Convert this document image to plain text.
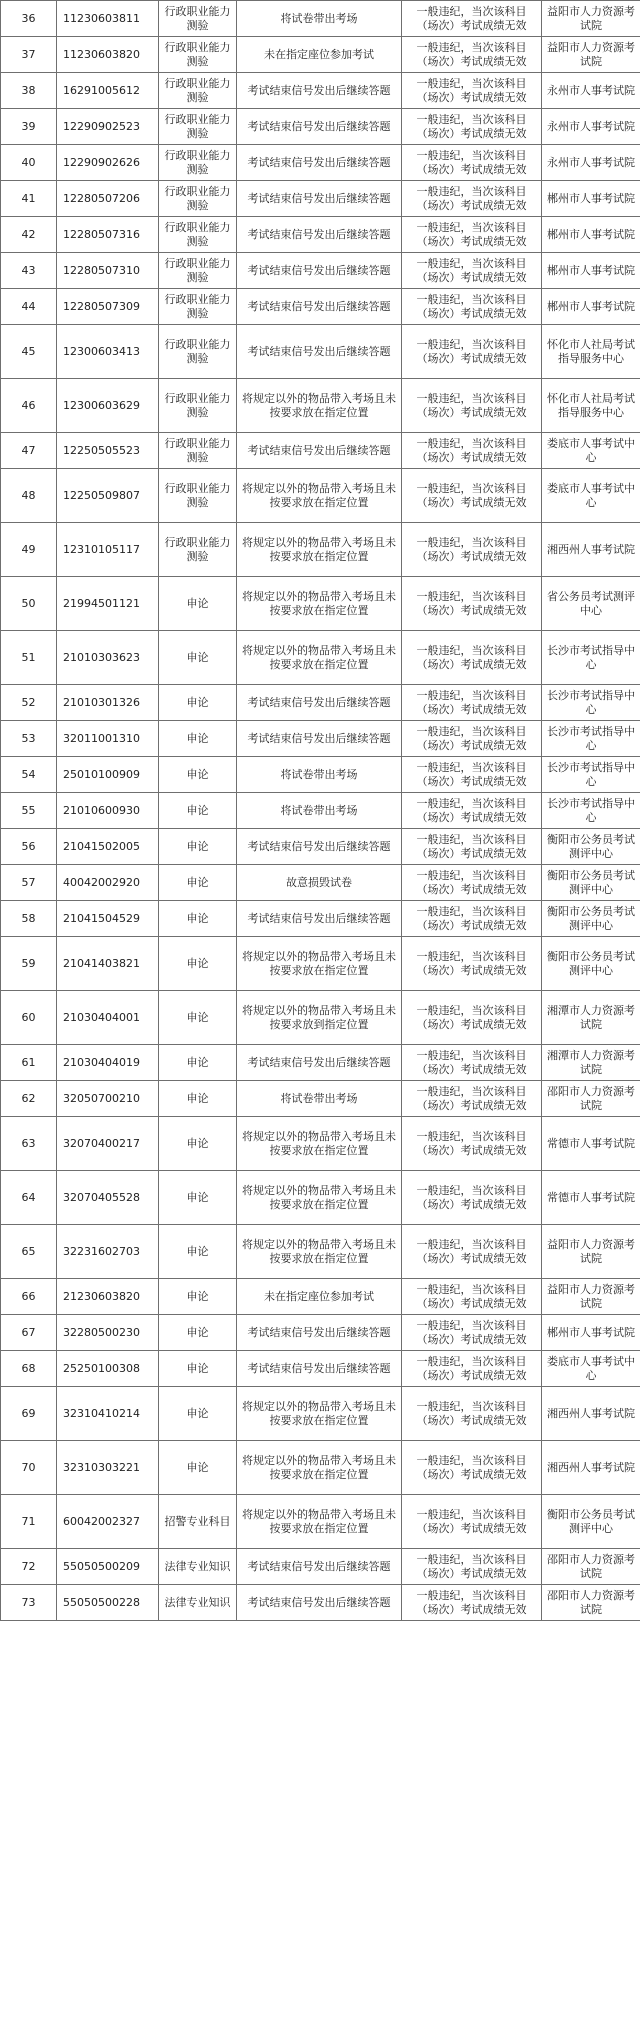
36	11230603811	行政职业能力测验	将试卷带出考场	一般违纪，当次该科目（场次）考试成绩无效	益阳市人力资源考试院
37	11230603820	行政职业能力测验	未在指定座位参加考试	一般违纪，当次该科目（场次）考试成绩无效	益阳市人力资源考试院
38	16291005612	行政职业能力测验	考试结束信号发出后继续答题	一般违纪，当次该科目（场次）考试成绩无效	永州市人事考试院
39	12290902523	行政职业能力测验	考试结束信号发出后继续答题	一般违纪，当次该科目（场次）考试成绩无效	永州市人事考试院
40	12290902626	行政职业能力测验	考试结束信号发出后继续答题	一般违纪，当次该科目（场次）考试成绩无效	永州市人事考试院
41	12280507206	行政职业能力测验	考试结束信号发出后继续答题	一般违纪，当次该科目（场次）考试成绩无效	郴州市人事考试院
42	12280507316	行政职业能力测验	考试结束信号发出后继续答题	一般违纪，当次该科目（场次）考试成绩无效	郴州市人事考试院
43	12280507310	行政职业能力测验	考试结束信号发出后继续答题	一般违纪，当次该科目（场次）考试成绩无效	郴州市人事考试院
44	12280507309	行政职业能力测验	考试结束信号发出后继续答题	一般违纪，当次该科目（场次）考试成绩无效	郴州市人事考试院
45	12300603413	行政职业能力测验	考试结束信号发出后继续答题	一般违纪，当次该科目（场次）考试成绩无效	怀化市人社局考试指导服务中心
46	12300603629	行政职业能力测验	将规定以外的物品带入考场且未按要求放在指定位置	一般违纪，当次该科目（场次）考试成绩无效	怀化市人社局考试指导服务中心
47	12250505523	行政职业能力测验	考试结束信号发出后继续答题	一般违纪，当次该科目（场次）考试成绩无效	娄底市人事考试中心
48	12250509807	行政职业能力测验	将规定以外的物品带入考场且未按要求放在指定位置	一般违纪，当次该科目（场次）考试成绩无效	娄底市人事考试中心
49	12310105117	行政职业能力测验	将规定以外的物品带入考场且未按要求放在指定位置	一般违纪，当次该科目（场次）考试成绩无效	湘西州人事考试院
50	21994501121	申论	将规定以外的物品带入考场且未按要求放在指定位置	一般违纪，当次该科目（场次）考试成绩无效	省公务员考试测评中心
51	21010303623	申论	将规定以外的物品带入考场且未按要求放在指定位置	一般违纪，当次该科目（场次）考试成绩无效	长沙市考试指导中心
52	21010301326	申论	考试结束信号发出后继续答题	一般违纪，当次该科目（场次）考试成绩无效	长沙市考试指导中心
53	32011001310	申论	考试结束信号发出后继续答题	一般违纪，当次该科目（场次）考试成绩无效	长沙市考试指导中心
54	25010100909	申论	将试卷带出考场	一般违纪，当次该科目（场次）考试成绩无效	长沙市考试指导中心
55	21010600930	申论	将试卷带出考场	一般违纪，当次该科目（场次）考试成绩无效	长沙市考试指导中心
56	21041502005	申论	考试结束信号发出后继续答题	一般违纪，当次该科目（场次）考试成绩无效	衡阳市公务员考试测评中心
57	40042002920	申论	故意损毁试卷	一般违纪，当次该科目（场次）考试成绩无效	衡阳市公务员考试测评中心
58	21041504529	申论	考试结束信号发出后继续答题	一般违纪，当次该科目（场次）考试成绩无效	衡阳市公务员考试测评中心
59	21041403821	申论	将规定以外的物品带入考场且未按要求放在指定位置	一般违纪，当次该科目（场次）考试成绩无效	衡阳市公务员考试测评中心
60	21030404001	申论	将规定以外的物品带入考场且未按要求放到指定位置	一般违纪，当次该科目（场次）考试成绩无效	湘潭市人力资源考试院
61	21030404019	申论	考试结束信号发出后继续答题	一般违纪，当次该科目（场次）考试成绩无效	湘潭市人力资源考试院
62	32050700210	申论	将试卷带出考场	一般违纪，当次该科目（场次）考试成绩无效	邵阳市人力资源考试院
63	32070400217	申论	将规定以外的物品带入考场且未按要求放在指定位置	一般违纪，当次该科目（场次）考试成绩无效	常德市人事考试院
64	32070405528	申论	将规定以外的物品带入考场且未按要求放在指定位置	一般违纪，当次该科目（场次）考试成绩无效	常德市人事考试院
65	32231602703	申论	将规定以外的物品带入考场且未按要求放在指定位置	一般违纪，当次该科目（场次）考试成绩无效	益阳市人力资源考试院
66	21230603820	申论	未在指定座位参加考试	一般违纪，当次该科目（场次）考试成绩无效	益阳市人力资源考试院
67	32280500230	申论	考试结束信号发出后继续答题	一般违纪，当次该科目（场次）考试成绩无效	郴州市人事考试院
68	25250100308	申论	考试结束信号发出后继续答题	一般违纪，当次该科目（场次）考试成绩无效	娄底市人事考试中心
69	32310410214	申论	将规定以外的物品带入考场且未按要求放在指定位置	一般违纪，当次该科目（场次）考试成绩无效	湘西州人事考试院
70	32310303221	申论	将规定以外的物品带入考场且未按要求放在指定位置	一般违纪，当次该科目（场次）考试成绩无效	湘西州人事考试院
71	60042002327	招警专业科目	将规定以外的物品带入考场且未按要求放在指定位置	一般违纪，当次该科目（场次）考试成绩无效	衡阳市公务员考试测评中心
72	55050500209	法律专业知识	考试结束信号发出后继续答题	一般违纪，当次该科目（场次）考试成绩无效	邵阳市人力资源考试院
73	55050500228	法律专业知识	考试结束信号发出后继续答题	一般违纪，当次该科目（场次）考试成绩无效	邵阳市人力资源考试院
